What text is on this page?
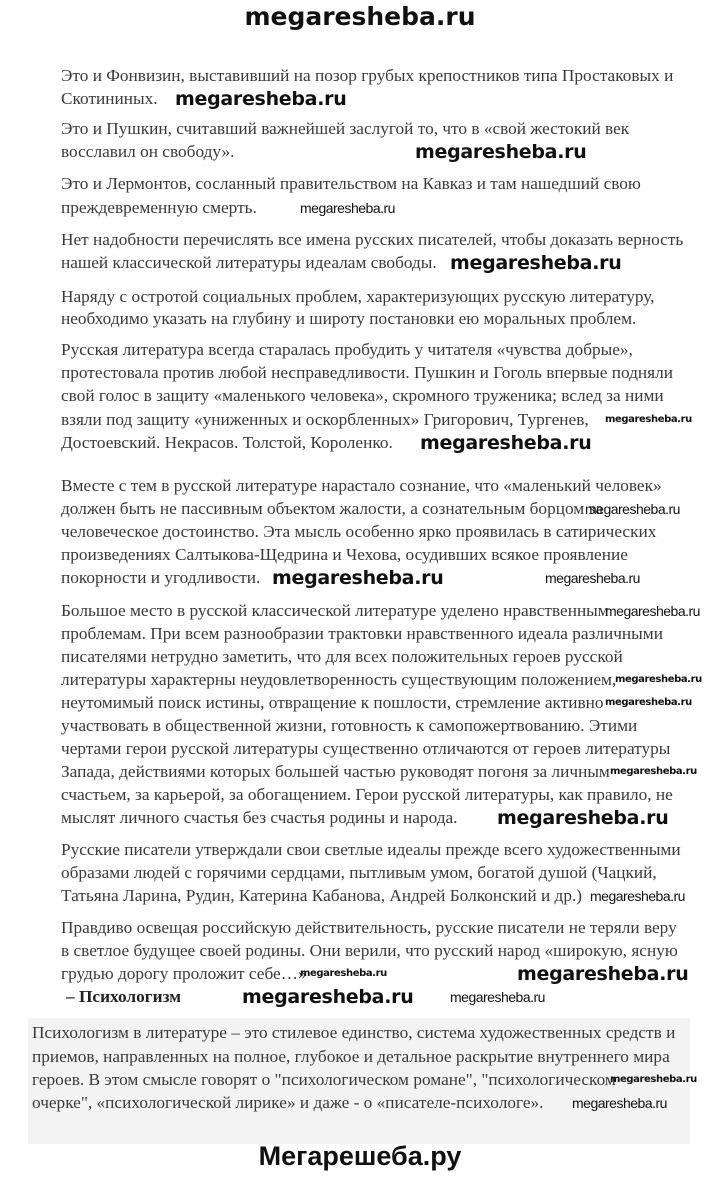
megaresheba.ru
Это и Фонвизин, выставивший на позор грубых крепостников типа Простаковых и
Скотининых.
Это и Пушкин, считавший важнейшей заслугой то, что в «свой жестокий век
восславил он свободу».
Это и Лермонтов, сосланный правительством на Кавказ и там нашедший свою
преждевременную смерть.
Нет надобности перечислять все имена русских писателей, чтобы доказать верность
нашей классической литературы идеалам свободы.
Наряду с остротой социальных проблем, характеризующих русскую литературу,
необходимо указать на глубину и широту постановки ею моральных проблем.
Русская литература всегда старалась пробудить у читателя «чувства добрые»,
протестовала против любой несправедливости. Пушкин и Гоголь впервые подняли
свой голос в защиту «маленького человека», скромного труженика; вслед за ними
взяли под защиту «униженных и оскорбленных» Григорович, Тургенев,
Достоевский. Некрасов. Толстой, Короленко.
Вместе с тем в русской литературе нарастало сознание, что «маленький человек»
должен быть не пассивным объектом жалости, а сознательным борцом за
человеческое достоинство. Эта мысль особенно ярко проявилась в сатирических
произведениях Салтыкова-Щедрина и Чехова, осудивших всякое проявление
покорности и угодливости.
Большое место в русской классической литературе уделено нравственным
проблемам. При всем разнообразии трактовки нравственного идеала различными
писателями нетрудно заметить, что для всех положительных героев русской
литературы характерны неудовлетворенность существующим положением,
неутомимый поиск истины, отвращение к пошлости, стремление активно
участвовать в общественной жизни, готовность к самопожертвованию. Этими
чертами герои русской литературы существенно отличаются от героев литературы
Запада, действиями которых большей частью руководят погоня за личным
счастьем, за карьерой, за обогащением. Герои русской литературы, как правило, не
мыслят личного счастья без счастья родины и народа.
Русские писатели утверждали свои светлые идеалы прежде всего художественными
образами людей с горячими сердцами, пытливым умом, богатой душой (Чацкий,
Татьяна Ларина, Рудин, Катерина Кабанова, Андрей Болконский и др.)
Правдиво освещая российскую действительность, русские писатели не теряли веру
в светлое будущее своей родины. Они верили, что русский народ «широкую, ясную
грудью дорогу проложит себе…»
– Психологизм
Психологизм в литературе – это стилевое единство, система художественных средств и
приемов, направленных на полное, глубокое и детальное раскрытие внутреннего мира
героев. В этом смысле говорят о "психологическом романе", "психологическом
очерке", «психологической лирике» и даже - о «писателе-психологе».
megaresheba.ru
megaresheba.ru
megaresheba.ru
megaresheba.ru
megaresheba.ru
megaresheba.ru
megaresheba.ru
megaresheba.ru	megaresheba.ru
megaresheba.ru
megaresheba.ru
megaresheba.ru
megaresheba.ru
megaresheba.ru
megaresheba.ru
megaresheba.ru	megaresheba.ru
megaresheba.ru	megaresheba.ru
megaresheba.ru
megaresheba.ru
Мегарешеба.ру
